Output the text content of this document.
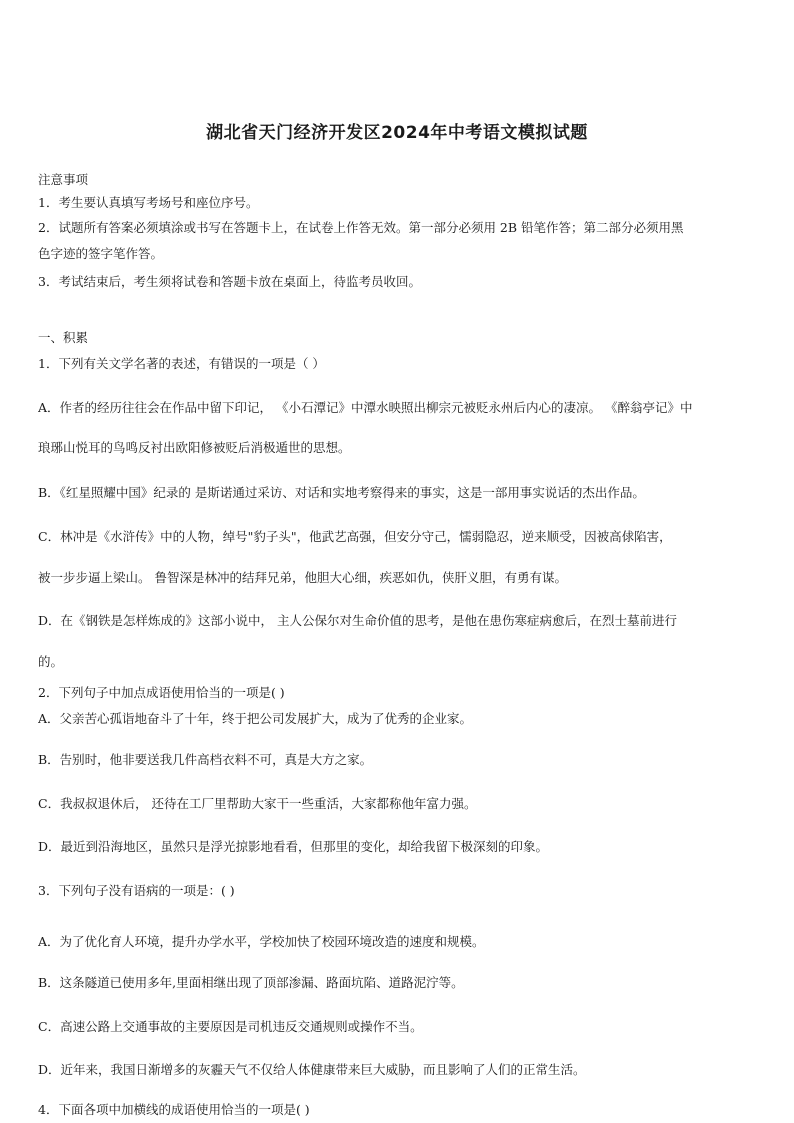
湖北省天门经济开发区2024年中考语文模拟试题
注意事项
1．考生要认真填写考场号和座位序号。
2．试题所有答案必须填涂或书写在答题卡上，在试卷上作答无效。第一部分必须用 2B 铅笔作答；第二部分必须用黑
色字迹的签字笔作答。
3．考试结束后，考生须将试卷和答题卡放在桌面上，待监考员收回。
一、积累
1．下列有关文学名著的表述，有错误的一项是（ ）
A．作者的经历往往会在作品中留下印记， 《小石潭记》中潭水映照出柳宗元被贬永州后内心的凄凉。 《醉翁亭记》中
琅琊山悦耳的鸟鸣反衬出欧阳修被贬后消极遁世的思想。
B．《红星照耀中国》纪录的 是斯诺通过采访、对话和实地考察得来的事实，这是一部用事实说话的杰出作品。
C．林冲是《水浒传》中的人物，绰号"豹子头"，他武艺高强，但安分守己，懦弱隐忍，逆来顺受，因被高俅陷害，
被一步步逼上梁山。 鲁智深是林冲的结拜兄弟，他胆大心细，疾恶如仇，侠肝义胆，有勇有谋。
D．在《钢铁是怎样炼成的》这部小说中， 主人公保尔对生命价值的思考，是他在患伤寒症病愈后，在烈士墓前进行
的。
2．下列句子中加点成语使用恰当的一项是( )
A．父亲苦心孤诣地奋斗了十年，终于把公司发展扩大，成为了优秀的企业家。
B．告别时，他非要送我几件高档衣料不可，真是大方之家。
C．我叔叔退休后， 还待在工厂里帮助大家干一些重活，大家都称他年富力强。
D．最近到沿海地区，虽然只是浮光掠影地看看，但那里的变化，却给我留下极深刻的印象。
3．下列句子没有语病的一项是：( )
A．为了优化育人环境，提升办学水平，学校加快了校园环境改造的速度和规模。
B．这条隧道已使用多年,里面相继出现了顶部渗漏、路面坑陷、道路泥泞等。
C．高速公路上交通事故的主要原因是司机违反交通规则或操作不当。
D．近年来，我国日渐增多的灰霾天气不仅给人体健康带来巨大威胁，而且影响了人们的正常生活。
4．下面各项中加横线的成语使用恰当的一项是( )
